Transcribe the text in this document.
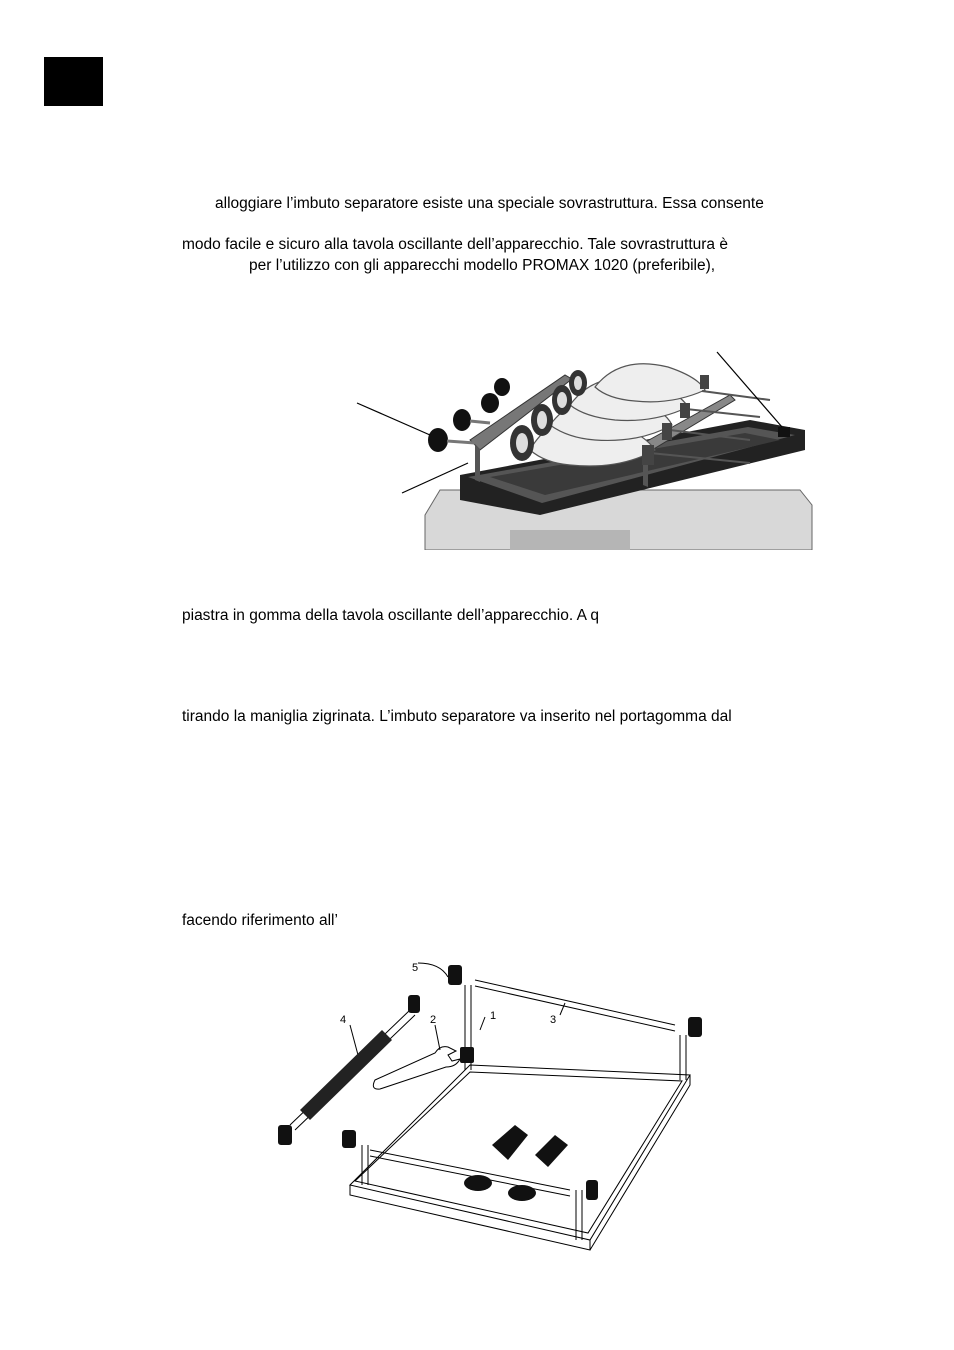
alloggiare l’imbuto separatore esiste una speciale sovrastruttura. Essa consente
modo facile e sicuro alla tavola oscillante dell’apparecchio. Tale sovrastruttura è
per l’utilizzo con gli apparecchi modello PROMAX 1020 (preferibile),
piastra in gomma della tavola oscillante dell’apparecchio. A q
tirando la maniglia zigrinata. L’imbuto separatore va inserito nel portagomma dal
facendo riferimento all’
5
4	2	1	3
